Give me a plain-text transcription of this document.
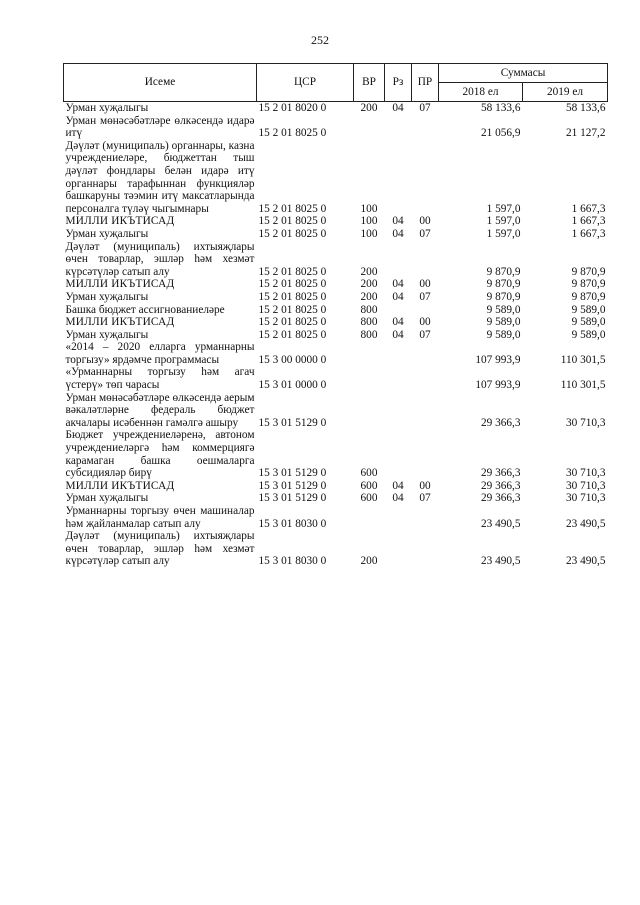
252
Исеме	ЦСР	ВР	Рз	ПР	Суммасы	
					2018 ел	2019 ел
Урман хуҗалыгы	15 2 01 8020 0	200	04	07	58 133,6	58 133,6
Урман мөнәсәбәтләре өлкәсендә идарә итү	15 2 01 8025 0				21 056,9	21 127,2
Дәүләт (муниципаль) органнары, казна учреждениеләре, бюджеттан тыш дәүләт фондлары белән идарә итү органнары тарафыннан функцияләр башкаруны тәэмин итү максатларында персоналга түләү чыгымнары	15 2 01 8025 0	100			1 597,0	1 667,3
МИЛЛИ ИКЪТИСАД	15 2 01 8025 0	100	04	00	1 597,0	1 667,3
Урман хуҗалыгы	15 2 01 8025 0	100	04	07	1 597,0	1 667,3
Дәүләт (муниципаль) ихтыяҗлары өчен товарлар, эшләр һәм хезмәт күрсәтүләр сатып алу	15 2 01 8025 0	200			9 870,9	9 870,9
МИЛЛИ ИКЪТИСАД	15 2 01 8025 0	200	04	00	9 870,9	9 870,9
Урман хуҗалыгы	15 2 01 8025 0	200	04	07	9 870,9	9 870,9
Башка бюджет ассигнованиеләре	15 2 01 8025 0	800			9 589,0	9 589,0
МИЛЛИ ИКЪТИСАД	15 2 01 8025 0	800	04	00	9 589,0	9 589,0
Урман хуҗалыгы	15 2 01 8025 0	800	04	07	9 589,0	9 589,0
«2014 – 2020 елларга урманнарны торгызу» ярдәмче программасы	15 3 00 0000 0				107 993,9	110 301,5
«Урманнарны торгызу һәм агач үстерү» төп чарасы	15 3 01 0000 0				107 993,9	110 301,5
Урман мөнәсәбәтләре өлкәсендә аерым вәкаләтләрне федераль бюджет акчалары исәбеннән гамәлгә ашыру	15 3 01 5129 0				29 366,3	30 710,3
Бюджет учреждениеләренә, автоном учреждениеләргә һәм коммерциягә карамаган башка оешмаларга субсидияләр бирү	15 3 01 5129 0	600			29 366,3	30 710,3
МИЛЛИ ИКЪТИСАД	15 3 01 5129 0	600	04	00	29 366,3	30 710,3
Урман хуҗалыгы	15 3 01 5129 0	600	04	07	29 366,3	30 710,3
Урманнарны торгызу өчен машиналар һәм җайланмалар сатып алу	15 3 01 8030 0				23 490,5	23 490,5
Дәүләт (муниципаль) ихтыяҗлары өчен товарлар, эшләр һәм хезмәт күрсәтүләр сатып алу	15 3 01 8030 0	200			23 490,5	23 490,5
